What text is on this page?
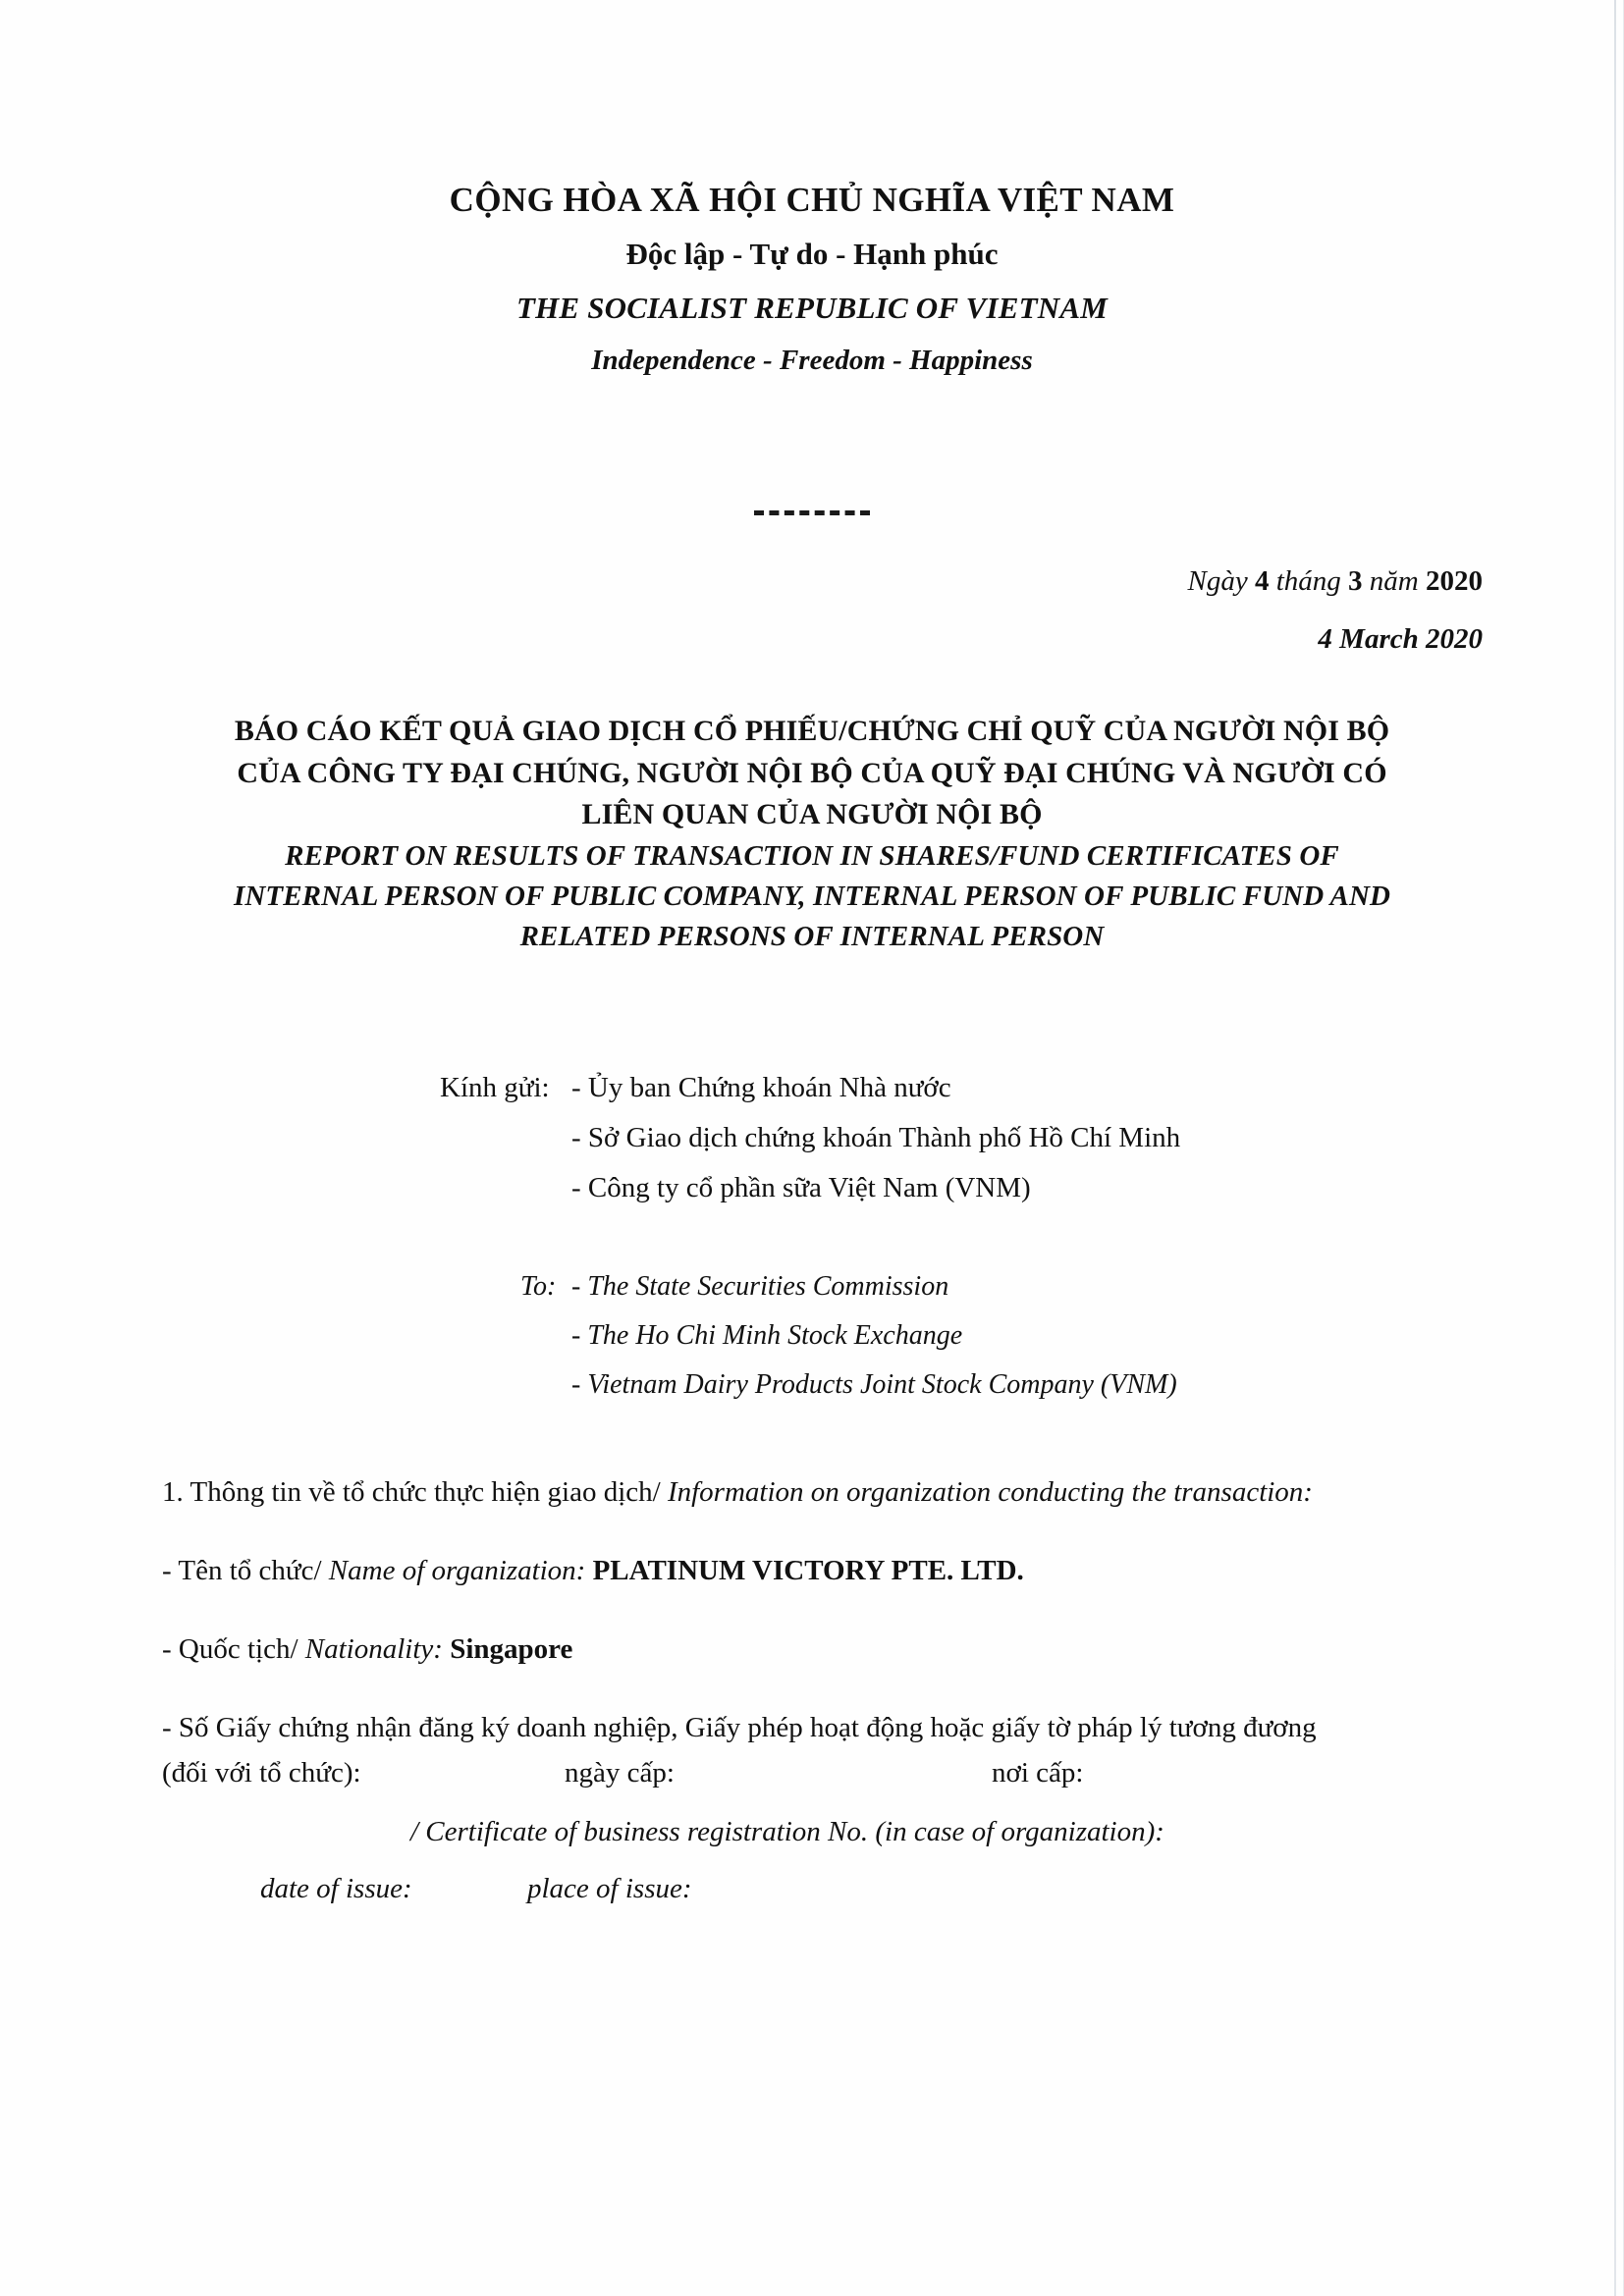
CỘNG HÒA XÃ HỘI CHỦ NGHĨA VIỆT NAM
Độc lập - Tự do - Hạnh phúc
THE SOCIALIST REPUBLIC OF VIETNAM
Independence - Freedom - Happiness
Ngày 4 tháng 3 năm 2020
4 March 2020
BÁO CÁO KẾT QUẢ GIAO DỊCH CỔ PHIẾU/CHỨNG CHỈ QUỸ CỦA NGƯỜI NỘI BỘ
CỦA CÔNG TY ĐẠI CHÚNG, NGƯỜI NỘI BỘ CỦA QUỸ ĐẠI CHÚNG VÀ NGƯỜI CÓ
LIÊN QUAN CỦA NGƯỜI NỘI BỘ
REPORT ON RESULTS OF TRANSACTION IN SHARES/FUND CERTIFICATES OF
INTERNAL PERSON OF PUBLIC COMPANY, INTERNAL PERSON OF PUBLIC FUND AND
RELATED PERSONS OF INTERNAL PERSON
Kính gửi: - Ủy ban Chứng khoán Nhà nước
- Sở Giao dịch chứng khoán Thành phố Hồ Chí Minh
- Công ty cổ phần sữa Việt Nam (VNM)
To: - The State Securities Commission
- The Ho Chi Minh Stock Exchange
- Vietnam Dairy Products Joint Stock Company (VNM)
1. Thông tin về tổ chức thực hiện giao dịch/ Information on organization conducting the transaction:
- Tên tổ chức/ Name of organization: PLATINUM VICTORY PTE. LTD.
- Quốc tịch/ Nationality: Singapore
- Số Giấy chứng nhận đăng ký doanh nghiệp, Giấy phép hoạt động hoặc giấy tờ pháp lý tương đương
(đối với tổ chức):	ngày cấp:	nơi cấp:
/ Certificate of business registration No. (in case of organization):
date of issue:	place of issue:
